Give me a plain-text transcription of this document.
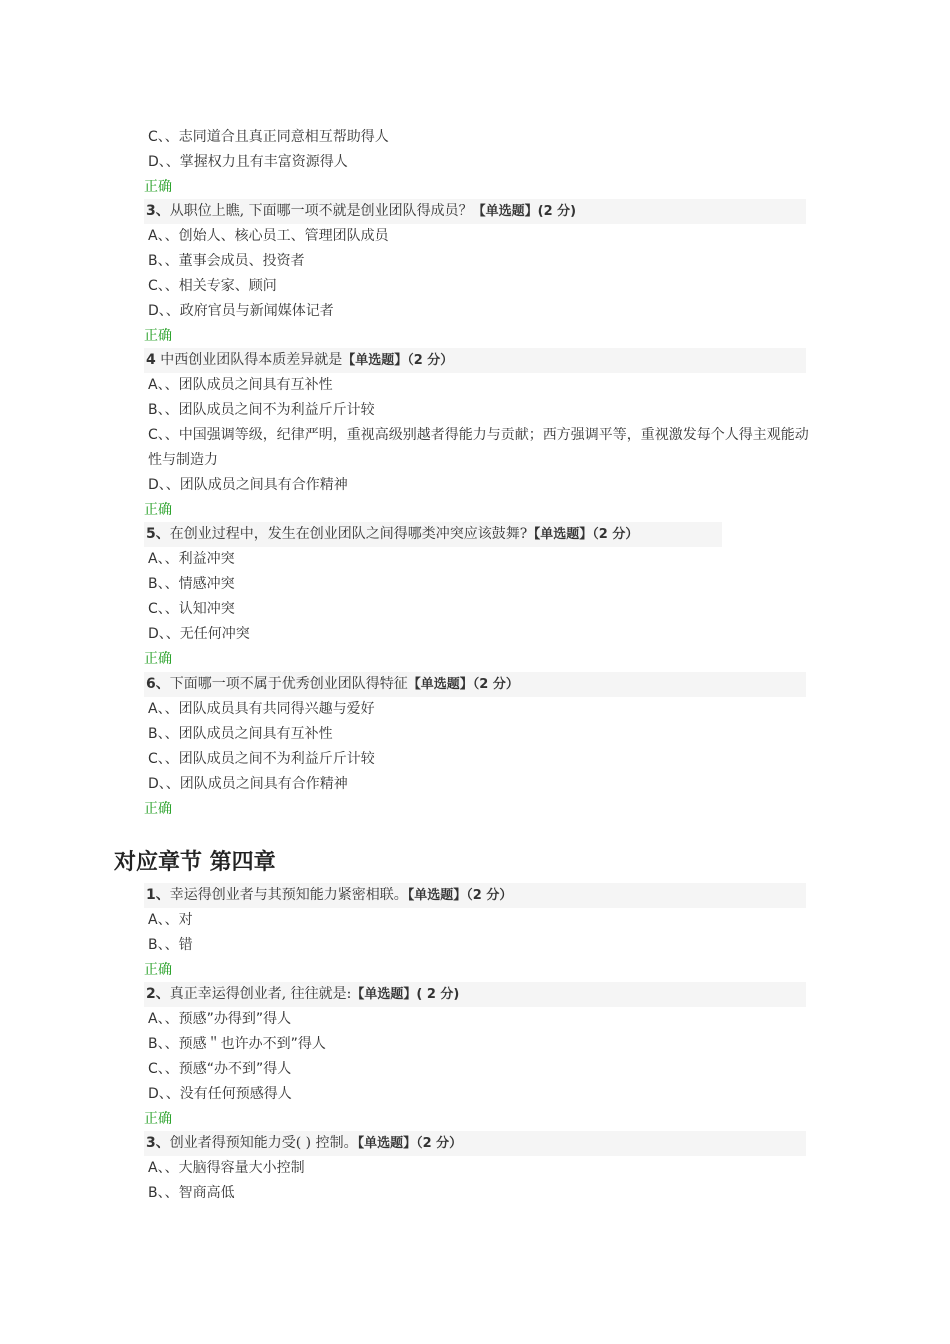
C、、志同道合且真正同意相互帮助得人
D、、掌握权力且有丰富资源得人
正确
3、从职位上瞧, 下面哪一项不就是创业团队得成员？【单选题】(2 分)
A、、创始人、核心员工、管理团队成员
B、、董事会成员、投资者
C、、相关专家、顾问
D、、政府官员与新闻媒体记者
正确
4 中西创业团队得本质差异就是【单选题】（2 分）
A、、团队成员之间具有互补性
B、、团队成员之间不为利益斤斤计较
C、、中国强调等级，纪律严明，重视高级别越者得能力与贡献；西方强调平等，重视激发每个人得主观能动性与制造力
D、、团队成员之间具有合作精神
正确
5、在创业过程中，发生在创业团队之间得哪类冲突应该鼓舞?【单选题】（2 分）
A、、利益冲突
B、、情感冲突
C、、认知冲突
D、、无任何冲突
正确
6、下面哪一项不属于优秀创业团队得特征【单选题】（2 分）
A、、团队成员具有共同得兴趣与爱好
B、、团队成员之间具有互补性
C、、团队成员之间不为利益斤斤计较
D、、团队成员之间具有合作精神
正确
对应章节 第四章
1、幸运得创业者与其预知能力紧密相联。【单选题】（2 分）
A、、对
B、、错
正确
2、真正幸运得创业者, 往往就是:【单选题】( 2 分)
A、、预感”办得到”得人
B、、预感＂也许办不到”得人
C、、预感“办不到”得人
D、、没有任何预感得人
正确
3、创业者得预知能力受( ) 控制。【单选题】（2 分）
A、、大脑得容量大小控制
B、、智商高低
